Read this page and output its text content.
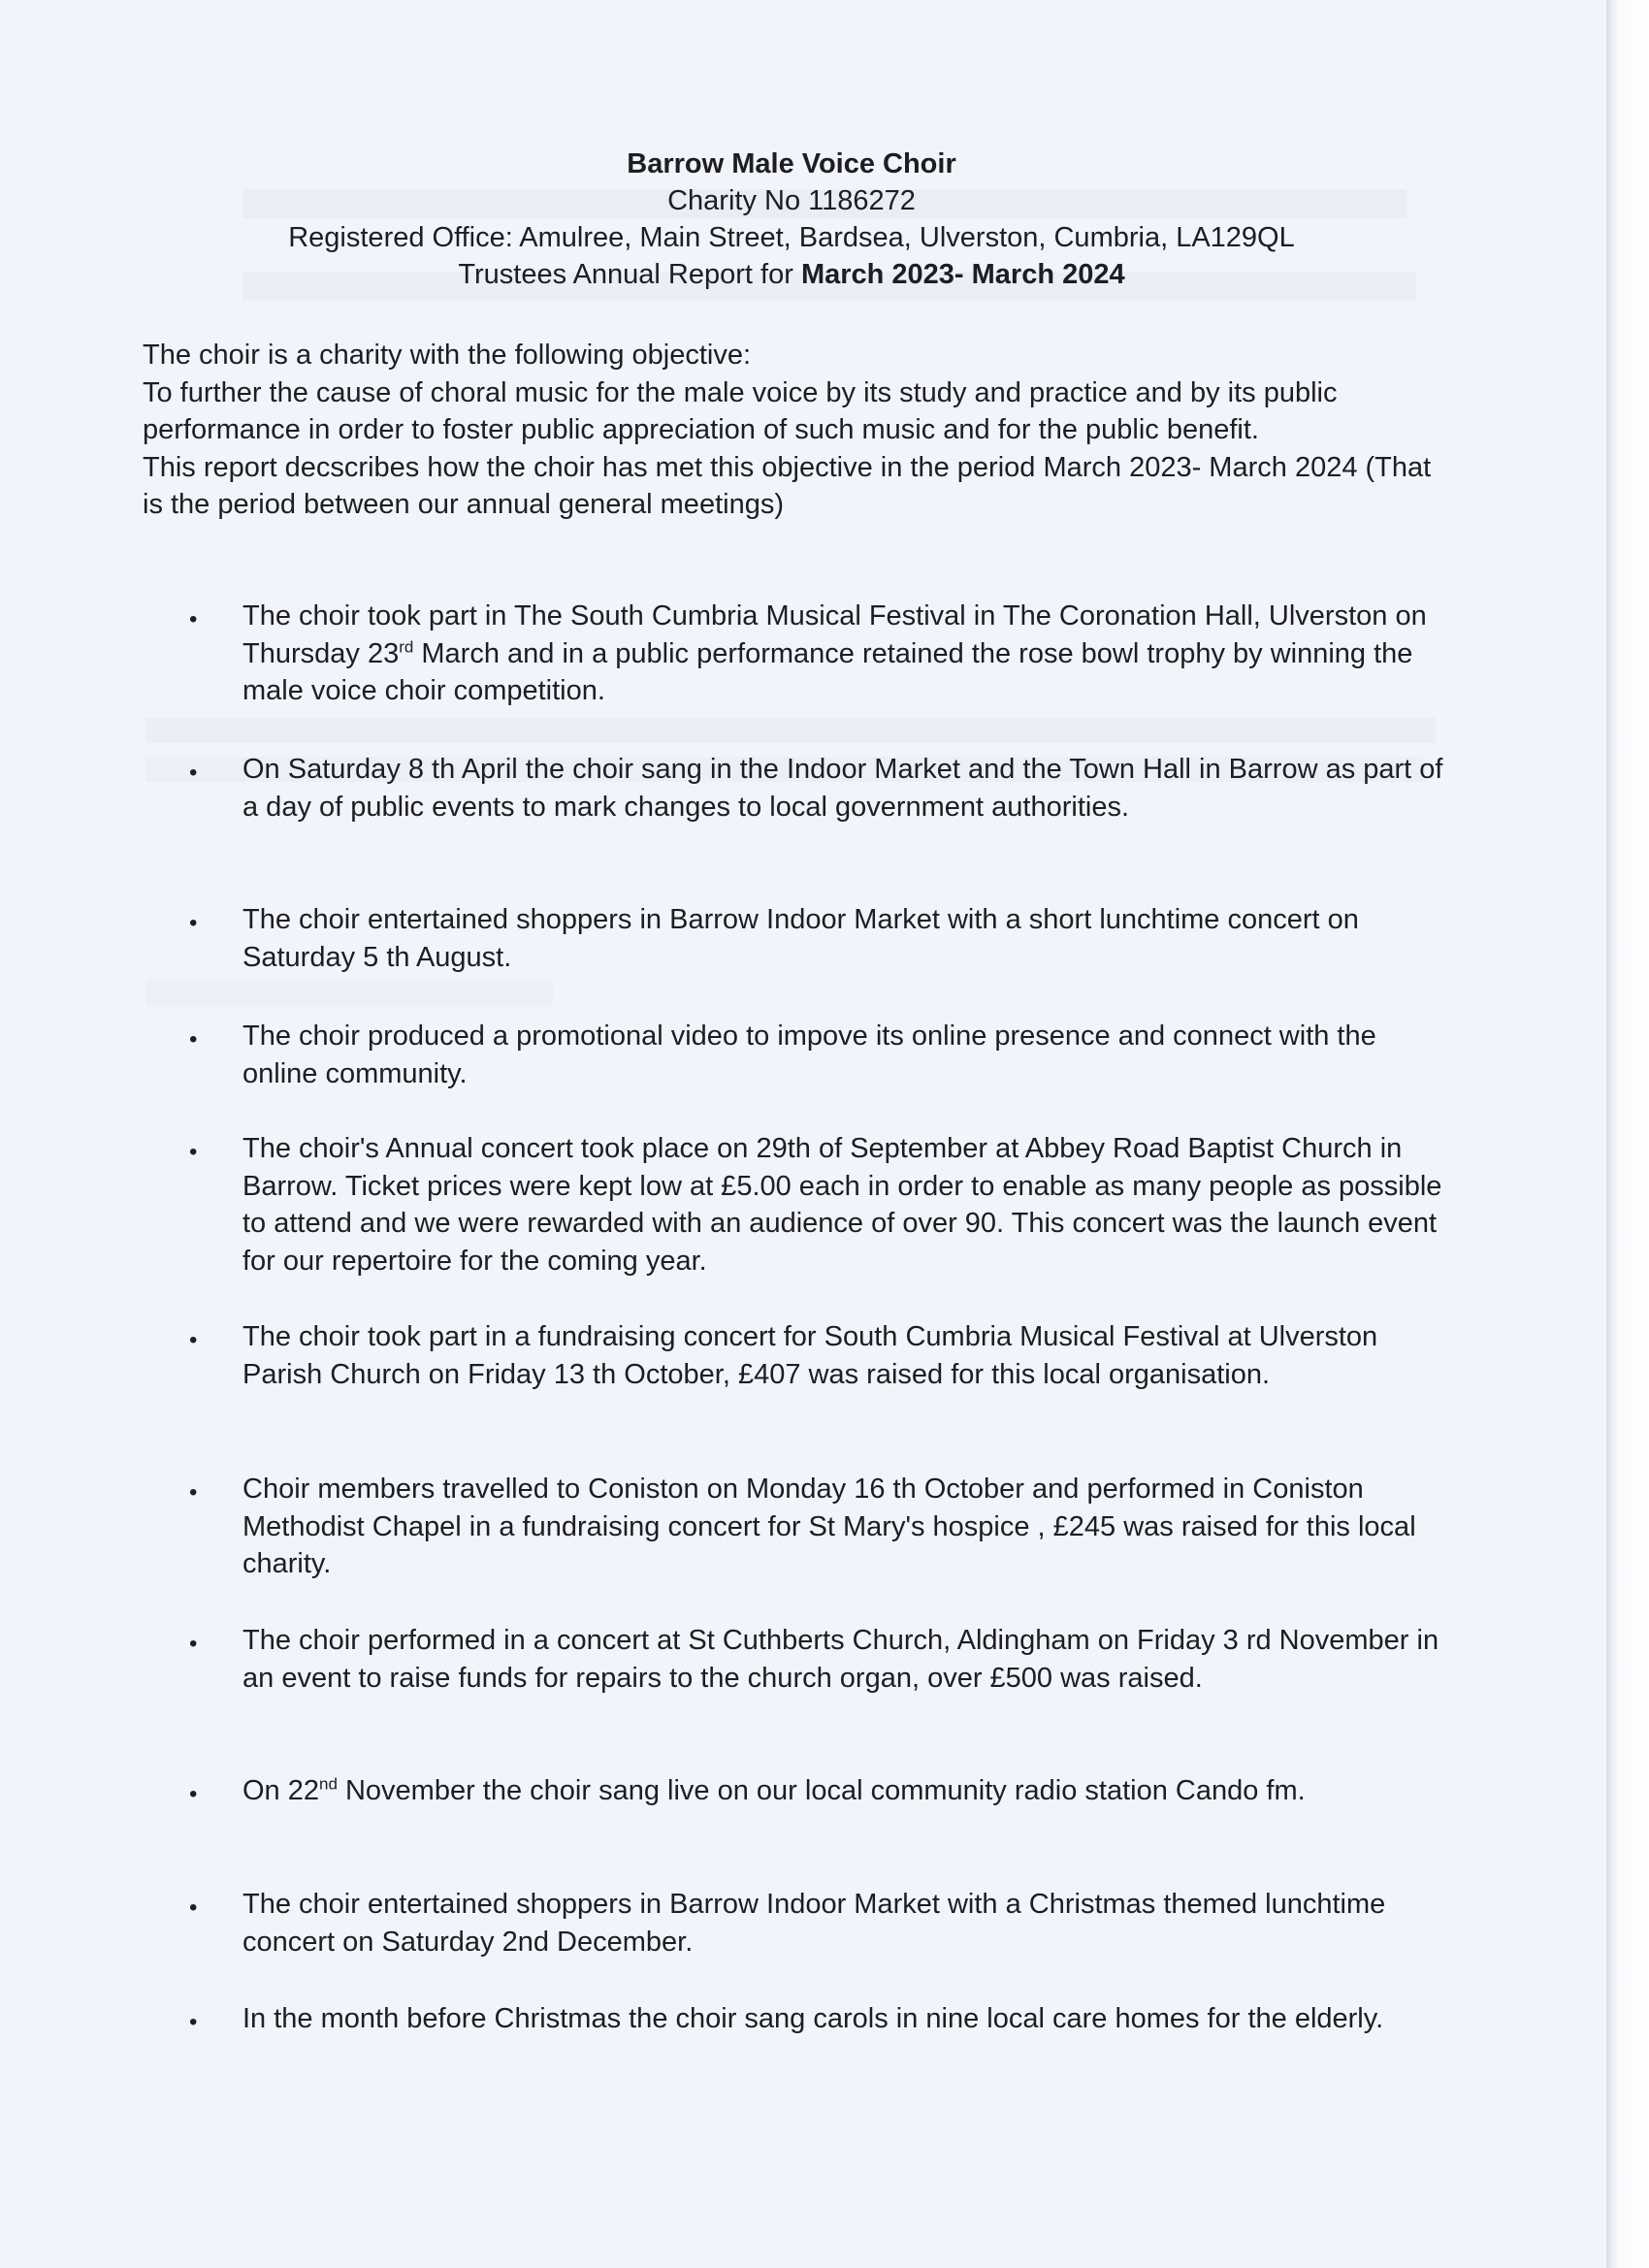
Barrow Male Voice Choir
Charity No 1186272
Registered Office: Amulree, Main Street, Bardsea, Ulverston, Cumbria, LA129QL
Trustees Annual Report for March 2023- March 2024

The choir is a charity with the following objective:

To further the cause of choral music for the male voice by its study and practice and by its public performance in order to foster public appreciation of such music and for the public benefit.

This report decscribes how the choir has met this objective in the period March 2023- March 2024 (That is the period between our annual general meetings)

• The choir took part in The South Cumbria Musical Festival in The Coronation Hall, Ulverston on Thursday 23rd March and in a public performance retained the rose bowl trophy by winning the male voice choir competition.
• On Saturday 8 th April the choir sang in the Indoor Market and the Town Hall in Barrow as part of a day of public events to mark changes to local government authorities.
• The choir entertained shoppers in Barrow Indoor Market with a short lunchtime concert on Saturday 5 th August.
• The choir produced a promotional video to impove its online presence and connect with the online community.
• The choir's Annual concert took place on 29th of September at Abbey Road Baptist Church in Barrow. Ticket prices were kept low at £5.00 each in order to enable as many people as possible to attend and we were rewarded with an audience of over 90. This concert was the launch event for our repertoire for the coming year.
• The choir took part in a fundraising concert for South Cumbria Musical Festival at Ulverston Parish Church on Friday 13 th October, £407 was raised for this local organisation.
• Choir members travelled to Coniston on Monday 16 th October and performed in Coniston Methodist Chapel in a fundraising concert for St Mary's hospice , £245 was raised for this local charity.
• The choir performed in a concert at St Cuthberts Church, Aldingham on Friday 3 rd November in an event to raise funds for repairs to the church organ, over £500 was raised.
• On 22nd November the choir sang live on our local community radio station Cando fm.
• The choir entertained shoppers in Barrow Indoor Market with a Christmas themed lunchtime concert on Saturday 2nd December.
• In the month before Christmas the choir sang carols in nine local care homes for the elderly.
